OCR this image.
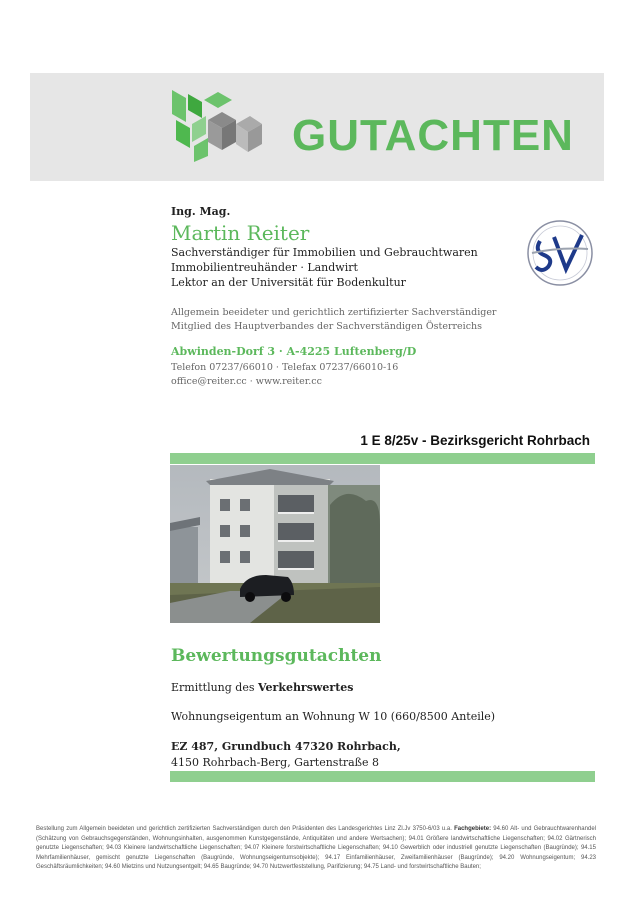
GUTACHTEN
Ing. Mag.
Martin Reiter
Sachverständiger für Immobilien und Gebrauchtwaren
Immobilientreuhänder · Landwirt
Lektor an der Universität für Bodenkultur
Allgemein beeideter und gerichtlich zertifizierter Sachverständiger
Mitglied des Hauptverbandes der Sachverständigen Österreichs
Abwinden-Dorf 3 · A-4225 Luftenberg/D
Telefon 07237/66010 · Telefax 07237/66010-16
office@reiter.cc · www.reiter.cc
1 E 8/25v - Bezirksgericht Rohrbach
Bewertungsgutachten
Ermittlung des Verkehrswertes
Wohnungseigentum an Wohnung W 10 (660/8500 Anteile)
EZ 487, Grundbuch 47320 Rohrbach,
4150 Rohrbach-Berg, Gartenstraße 8
Bestellung zum Allgemein beeideten und gerichtlich zertifizierten Sachverständigen durch den Präsidenten des Landesgerichtes Linz Zl.Jv 3750-6/03 u.a. Fachgebiete: 94.60 Alt- und Gebrauchtwarenhandel (Schätzung von Gebrauchsgegenständen, Wohnungsinhalten, ausgenommen Kunstgegenstände, Antiquitäten und andere Wertsachen); 94.01 Größere landwirtschaftliche Liegenschaften; 94.02 Gärtnerisch genutzte Liegenschaften; 94.03 Kleinere landwirtschaftliche Liegenschaften; 94.07 Kleinere forstwirtschaftliche Liegenschaften; 94.10 Gewerblich oder industriell genutzte Liegenschaften (Baugründe); 94.15 Mehrfamilienhäuser, gemischt genutzte Liegenschaften (Baugründe, Wohnungseigentumsobjekte); 94.17 Einfamilienhäuser, Zweifamilienhäuser (Baugründe); 94.20 Wohnungseigentum; 94.23 Geschäftsräumlichkeiten; 94.60 Mietzins und Nutzungsentgelt; 94.65 Baugründe; 94.70 Nutzwertfeststellung, Parifizierung; 94.75 Land- und forstwirtschaftliche Bauten;
